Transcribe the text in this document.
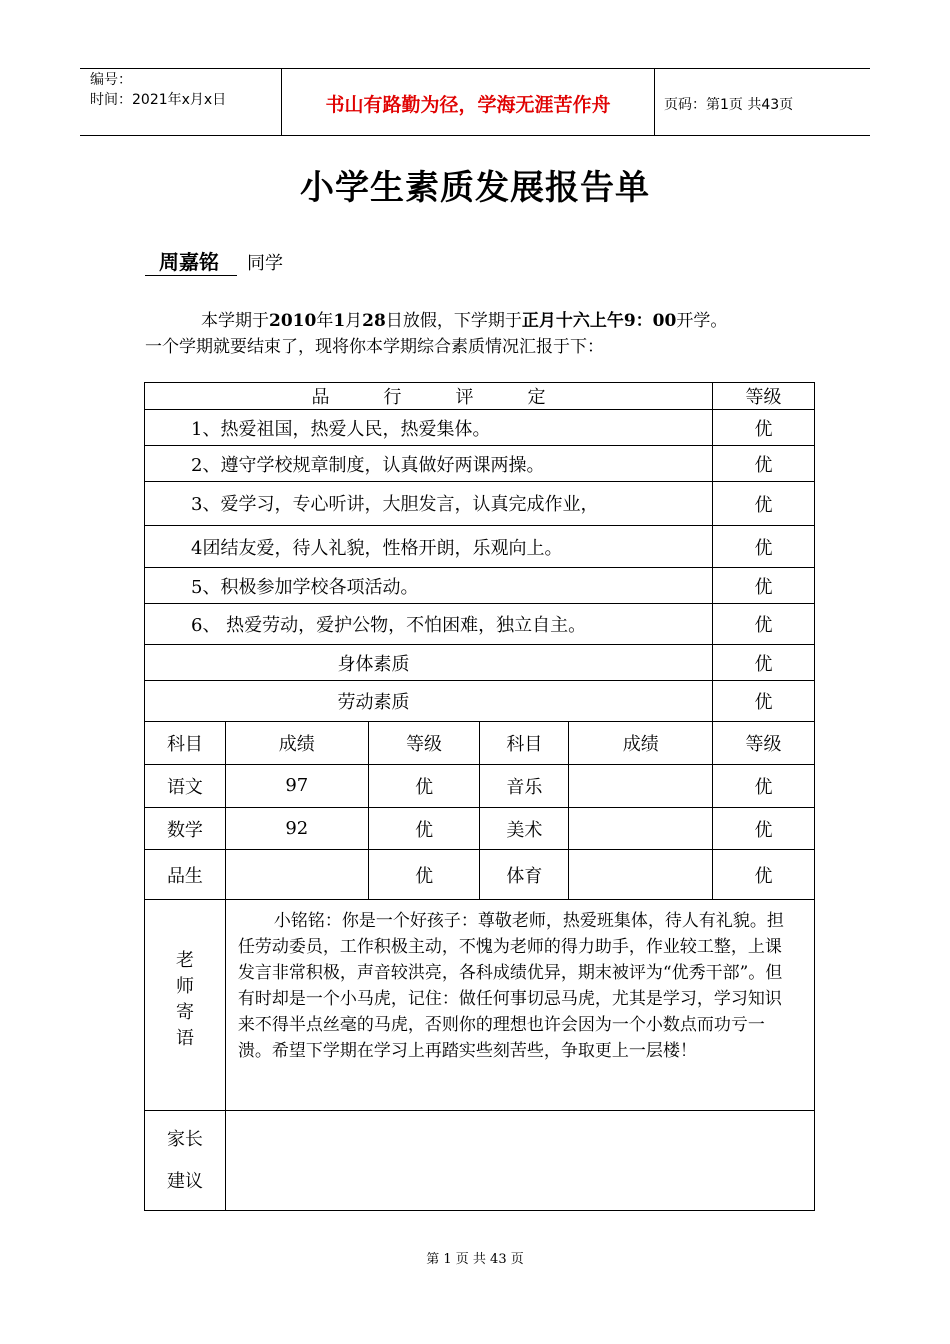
编号：
时间：2021年x月x日	书山有路勤为径，学海无涯苦作舟	页码：第1页 共43页
小学生素质发展报告单
周嘉铭 同学
本学期于2010年1月28日放假，下学期于正月十六上午9：00开学。
一个学期就要结束了，现将你本学期综合素质情况汇报于下：
品　　　行　　　评　　　定					等级
1、热爱祖国，热爱人民，热爱集体。					优
2、遵守学校规章制度，认真做好两课两操。					优
3、爱学习，专心听讲，大胆发言，认真完成作业，					优
4团结友爱，待人礼貌，性格开朗，乐观向上。					优
5、积极参加学校各项活动。					优
6、 热爱劳动，爱护公物，不怕困难，独立自主。					优
身体素质					优
劳动素质					优
科目	成绩	等级	科目	成绩	等级
语文	97	优	音乐		优
数学	92	优	美术		优
品生		优	体育		优

老
师
寄
语	小铭铭：你是一个好孩子：尊敬老师，热爱班集体，待人有礼貌。担任劳动委员，工作积极主动，不愧为老师的得力助手，作业较工整，上课发言非常积极，声音较洪亮，各科成绩优异，期末被评为“优秀干部”。但有时却是一个小马虎，记住：做任何事切忌马虎，尤其是学习，学习知识来不得半点丝毫的马虎，否则你的理想也许会因为一个小数点而功亏一溃。希望下学期在学习上再踏实些刻苦些，争取更上一层楼！				

家长
建议					

第 1 页 共 43 页
